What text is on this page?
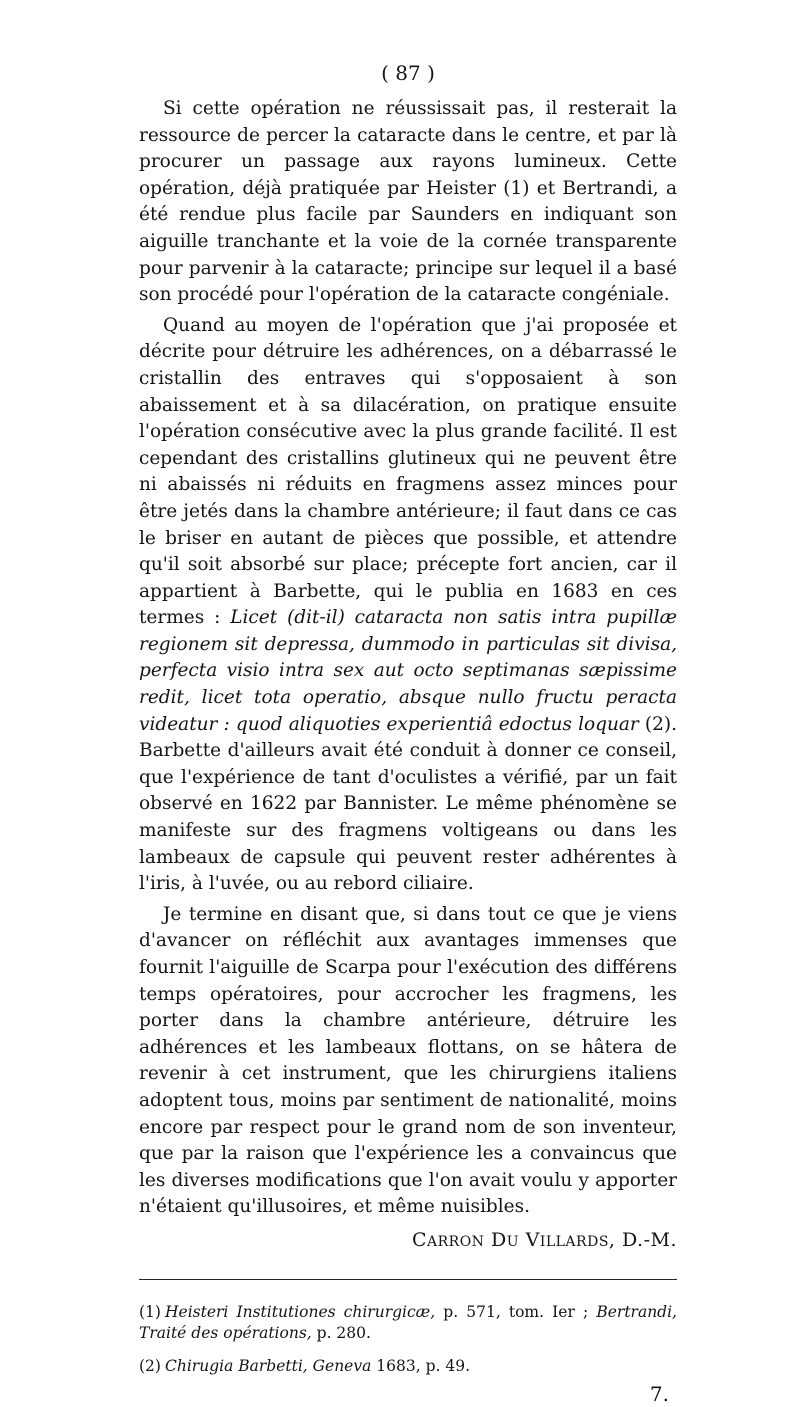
( 87 )

Si cette opération ne réussissait pas, il resterait la ressource de percer la cataracte dans le centre, et par là procurer un passage aux rayons lumineux. Cette opération, déjà pratiquée par Heister (1) et Bertrandi, a été rendue plus facile par Saunders en indiquant son aiguille tranchante et la voie de la cornée transparente pour parvenir à la cataracte; principe sur lequel il a basé son procédé pour l'opération de la cataracte congéniale.

Quand au moyen de l'opération que j'ai proposée et décrite pour détruire les adhérences, on a débarrassé le cristallin des entraves qui s'opposaient à son abaissement et à sa dilacération, on pratique ensuite l'opération consécutive avec la plus grande facilité. Il est cependant des cristallins glutineux qui ne peuvent être ni abaissés ni réduits en fragmens assez minces pour être jetés dans la chambre antérieure; il faut dans ce cas le briser en autant de pièces que possible, et attendre qu'il soit absorbé sur place; précepte fort ancien, car il appartient à Barbette, qui le publia en 1683 en ces termes : Licet (dit-il) cataracta non satis intra pupillæ regionem sit depressa, dummodo in particulas sit divisa, perfecta visio intra sex aut octo septimanas sæpissime redit, licet tota operatio, absque nullo fructu peracta videatur : quod aliquoties experientiâ edoctus loquar (2). Barbette d'ailleurs avait été conduit à donner ce conseil, que l'expérience de tant d'oculistes a vérifié, par un fait observé en 1622 par Bannister. Le même phénomène se manifeste sur des fragmens voltigeans ou dans les lambeaux de capsule qui peuvent rester adhérentes à l'iris, à l'uvée, ou au rebord ciliaire.

Je termine en disant que, si dans tout ce que je viens d'avancer on réfléchit aux avantages immenses que fournit l'aiguille de Scarpa pour l'exécution des différens temps opératoires, pour accrocher les fragmens, les porter dans la chambre antérieure, détruire les adhérences et les lambeaux flottans, on se hâtera de revenir à cet instrument, que les chirurgiens italiens adoptent tous, moins par sentiment de nationalité, moins encore par respect pour le grand nom de son inventeur, que par la raison que l'expérience les a convaincus que les diverses modifications que l'on avait voulu y apporter n'étaient qu'illusoires, et même nuisibles.

CARRON DU VILLARDS, D.-M.

(1) Heisteri Institutiones chirurgicæ, p. 571, tom. Ier ; Bertrandi, Traité des opérations, p. 280.

(2) Chirugia Barbetti, Geneva 1683, p. 49.

7.
